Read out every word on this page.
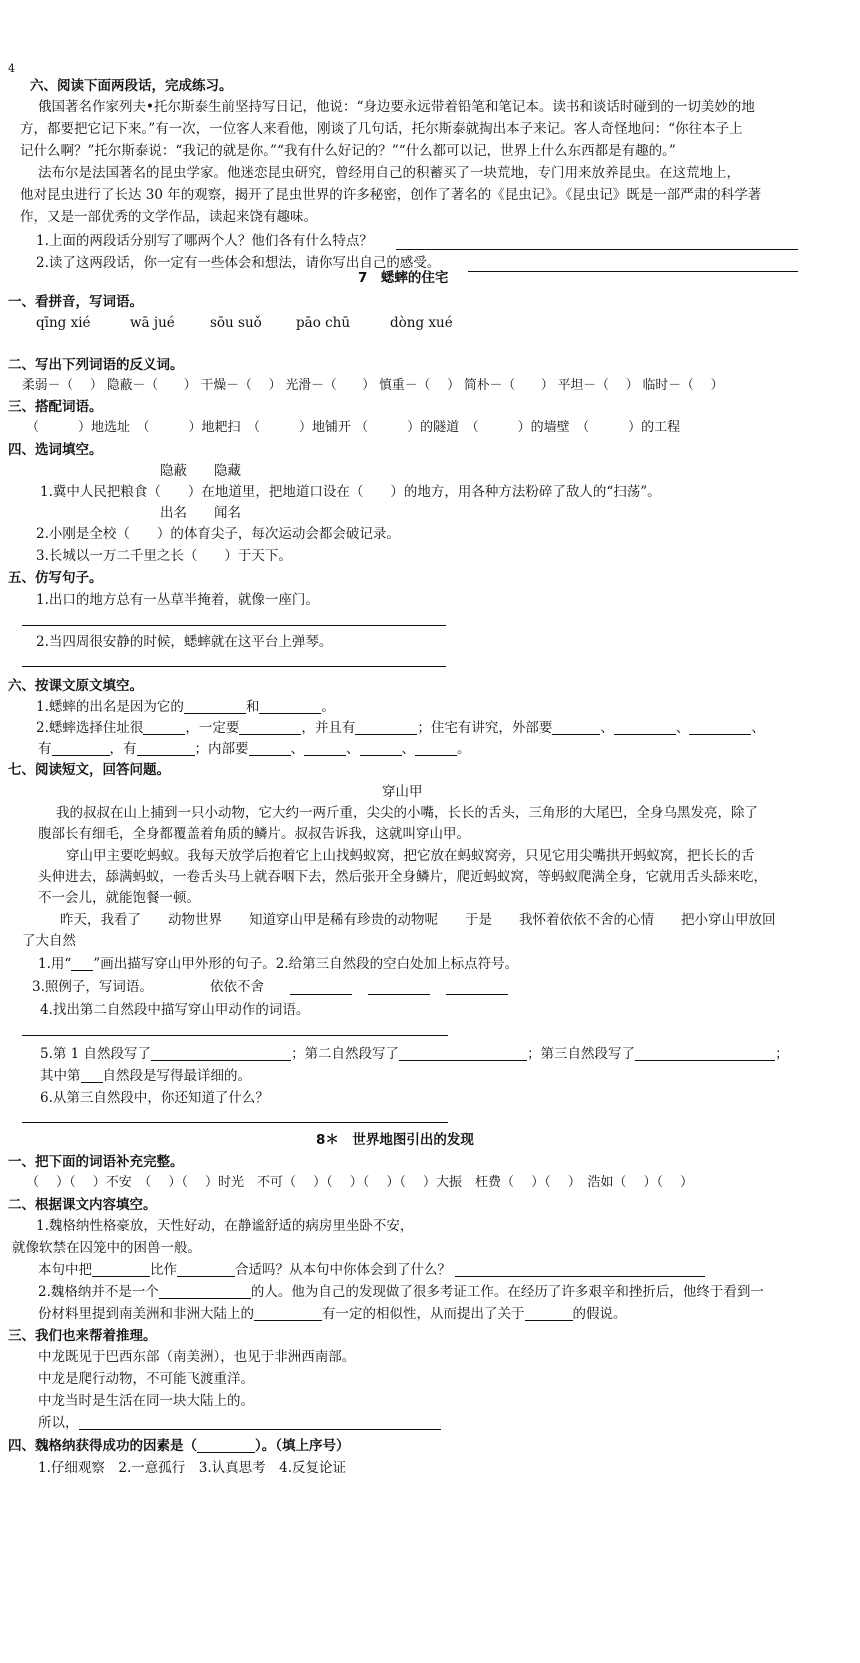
4
六、阅读下面两段话，完成练习。
俄国著名作家列夫•托尔斯泰生前坚持写日记，他说：“身边要永远带着铅笔和笔记本。读书和谈话时碰到的一切美妙的地
方，都要把它记下来。”有一次，一位客人来看他，刚谈了几句话，托尔斯泰就掏出本子来记。客人奇怪地问：“你往本子上
记什么啊？”托尔斯泰说：“我记的就是你。”“我有什么好记的？”“什么都可以记，世界上什么东西都是有趣的。”
法布尔是法国著名的昆虫学家。他迷恋昆虫研究，曾经用自己的积蓄买了一块荒地，专门用来放养昆虫。在这荒地上，
他对昆虫进行了长达 30 年的观察，揭开了昆虫世界的许多秘密，创作了著名的《昆虫记》。《昆虫记》既是一部严肃的科学著
作，又是一部优秀的文学作品，读起来饶有趣味。
1.上面的两段话分别写了哪两个人？他们各有什么特点？
2.读了这两段话，你一定有一些体会和想法，请你写出自己的感受。
7　蟋蟀的住宅
一、看拼音，写词语。
qīng xié	wā jué	sōu suǒ	pāo chū	dòng xué
二、写出下列词语的反义词。
柔弱－（　 ） 隐蔽－（　　） 干燥－（　 ） 光滑－（　　） 慎重－（　 ） 简朴－（　　） 平坦－（　 ） 临时－（　 ）
三、搭配词语。
（　　　）地选址　（　　　）地耙扫　（　　　）地铺开 （　　　）的隧道　（　　　）的墙壁　（　　　）的工程
四、选词填空。
隐蔽　　隐藏
1.冀中人民把粮食（　　）在地道里，把地道口设在（　　）的地方，用各种方法粉碎了敌人的“扫荡”。
出名　　闻名
2.小刚是全校（　　）的体育尖子，每次运动会都会破记录。
3.长城以一万二千里之长（　　）于天下。
五、仿写句子。
1.出口的地方总有一丛草半掩着，就像一座门。
2.当四周很安静的时候，蟋蟀就在这平台上弹琴。
六、按课文原文填空。
1.蟋蟀的出名是因为它的	和	。
2.蟋蟀选择住址很	，一定要	，并且有	；住宅有讲究，外部要	、	、	、
有	，有	；内部要	、	、	、	。
七、阅读短文，回答问题。
穿山甲
我的叔叔在山上捕到一只小动物，它大约一两斤重，尖尖的小嘴，长长的舌头，三角形的大尾巴，全身乌黑发亮，除了
腹部长有细毛，全身都覆盖着角质的鳞片。叔叔告诉我，这就叫穿山甲。
穿山甲主要吃蚂蚁。我每天放学后抱着它上山找蚂蚁窝，把它放在蚂蚁窝旁，只见它用尖嘴拱开蚂蚁窝，把长长的舌
头伸进去，舔满蚂蚁，一卷舌头马上就吞咽下去，然后张开全身鳞片，爬近蚂蚁窝，等蚂蚁爬满全身，它就用舌头舔来吃，
不一会儿，就能饱餐一顿。
昨天，我看了　　动物世界　　知道穿山甲是稀有珍贵的动物呢　　于是　　我怀着依依不舍的心情　　把小穿山甲放回
了大自然
1.用“ ”画出描写穿山甲外形的句子。2.给第三自然段的空白处加上标点符号。
3.照例子，写词语。	依依不舍
4.找出第二自然段中描写穿山甲动作的词语。
5.第 1 自然段写了	；第二自然段写了	；第三自然段写了	；
其中第 自然段是写得最详细的。
6.从第三自然段中，你还知道了什么？
8＊　世界地图引出的发现
一、把下面的词语补充完整。
（　 ）（　 ）不安　（　 ）（　 ）时光　不可（　 ）（　 ）（　 ）（　 ）大振　枉费（　 ）（　 ）　浩如（　 ）（　 ）
二、根据课文内容填空。
1.魏格纳性格豪放，天性好动，在静谧舒适的病房里坐卧不安，
就像软禁在囚笼中的困兽一般。
本句中把	比作	合适吗？从本句中你体会到了什么？
2.魏格纳并不是一个	的人。他为自己的发现做了很多考证工作。在经历了许多艰辛和挫折后，他终于看到一
份材料里提到南美洲和非洲大陆上的	有一定的相似性，从而提出了关于	的假说。
三、我们也来帮着推理。
中龙既见于巴西东部（南美洲），也见于非洲西南部。
中龙是爬行动物，不可能飞渡重洋。
中龙当时是生活在同一块大陆上的。
所以，
四、魏格纳获得成功的因素是（	）。（填上序号）
1.仔细观察　2.一意孤行　3.认真思考　4.反复论证
